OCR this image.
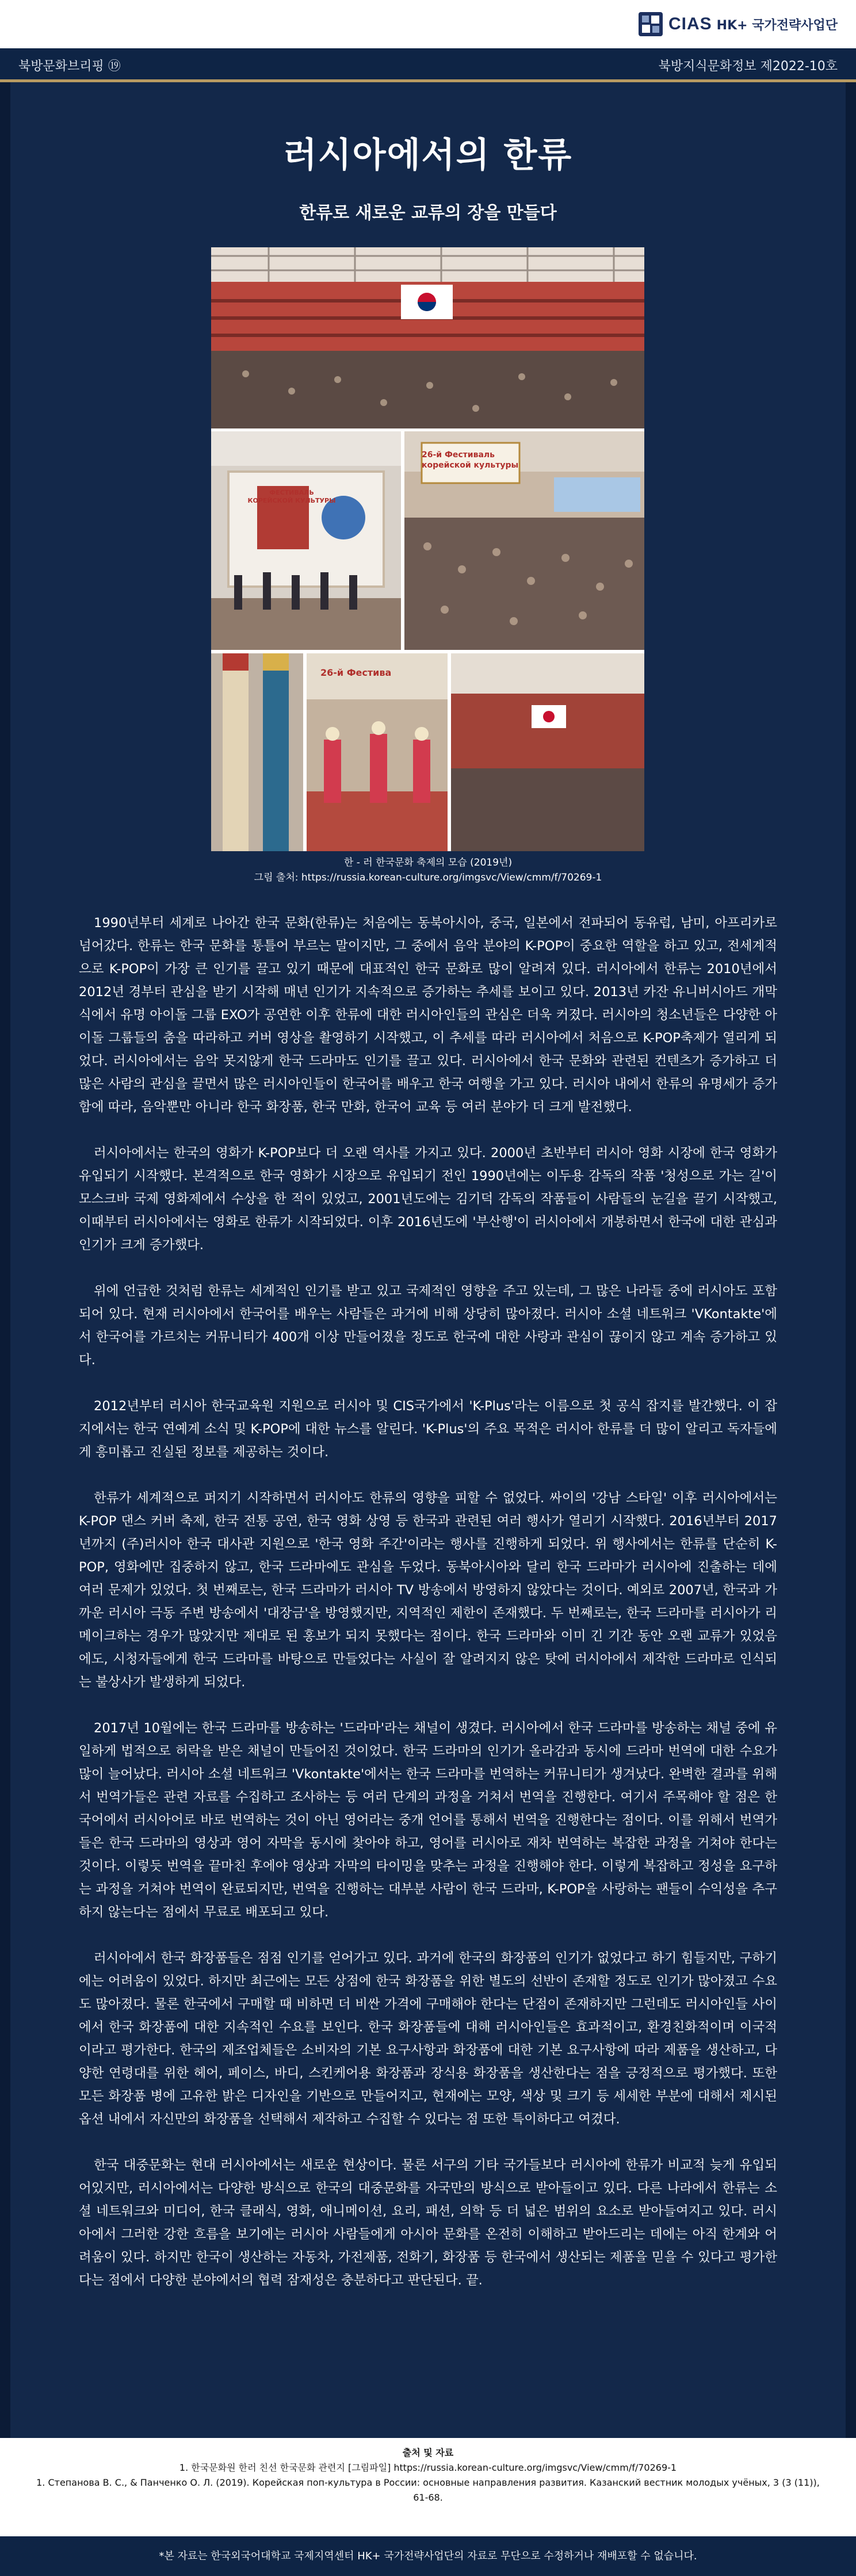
CIAS HK+ 국가전략사업단
북방문화브리핑 ⑲	북방지식문화정보 제2022-10호
러시아에서의 한류
한류로 새로운 교류의 장을 만들다
26-й Фестиваль корейской культуры
ФЕСТИВАЛЬ КОРЕЙСКОЙ КУЛЬТУРЫ
26-й Фестива
한 - 러 한국문화 축제의 모습 (2019년)
그림 출처: https://russia.korean-culture.org/imgsvc/View/cmm/f/70269-1

1990년부터 세계로 나아간 한국 문화(한류)는 처음에는 동북아시아, 중국, 일본에서 전파되어 동유럽, 남미, 아프리카로 넘어갔다. 한류는 한국 문화를 통틀어 부르는 말이지만, 그 중에서 음악 분야의 K-POP이 중요한 역할을 하고 있고, 전세계적으로 K-POP이 가장 큰 인기를 끌고 있기 때문에 대표적인 한국 문화로 많이 알려져 있다. 러시아에서 한류는 2010년에서 2012년 경부터 관심을 받기 시작해 매년 인기가 지속적으로 증가하는 추세를 보이고 있다. 2013년 카잔 유니버시아드 개막식에서 유명 아이돌 그룹 EXO가 공연한 이후 한류에 대한 러시아인들의 관심은 더욱 커졌다. 러시아의 청소년들은 다양한 아이돌 그룹들의 춤을 따라하고 커버 영상을 촬영하기 시작했고, 이 추세를 따라 러시아에서 처음으로 K-POP축제가 열리게 되었다. 러시아에서는 음악 못지않게 한국 드라마도 인기를 끌고 있다. 러시아에서 한국 문화와 관련된 컨텐츠가 증가하고 더 많은 사람의 관심을 끌면서 많은 러시아인들이 한국어를 배우고 한국 여행을 가고 있다. 러시아 내에서 한류의 유명세가 증가함에 따라, 음악뿐만 아니라 한국 화장품, 한국 만화, 한국어 교육 등 여러 분야가 더 크게 발전했다.

러시아에서는 한국의 영화가 K-POP보다 더 오랜 역사를 가지고 있다. 2000년 초반부터 러시아 영화 시장에 한국 영화가 유입되기 시작했다. 본격적으로 한국 영화가 시장으로 유입되기 전인 1990년에는 이두용 감독의 작품 '청성으로 가는 길'이 모스크바 국제 영화제에서 수상을 한 적이 있었고, 2001년도에는 김기덕 감독의 작품들이 사람들의 눈길을 끌기 시작했고, 이때부터 러시아에서는 영화로 한류가 시작되었다. 이후 2016년도에 '부산행'이 러시아에서 개봉하면서 한국에 대한 관심과 인기가 크게 증가했다.

위에 언급한 것처럼 한류는 세계적인 인기를 받고 있고 국제적인 영향을 주고 있는데, 그 많은 나라들 중에 러시아도 포함되어 있다. 현재 러시아에서 한국어를 배우는 사람들은 과거에 비해 상당히 많아졌다. 러시아 소셜 네트워크 'VKontakte'에서 한국어를 가르치는 커뮤니티가 400개 이상 만들어졌을 정도로 한국에 대한 사랑과 관심이 끊이지 않고 계속 증가하고 있다.

2012년부터 러시아 한국교육원 지원으로 러시아 및 CIS국가에서 'K-Plus'라는 이름으로 첫 공식 잡지를 발간했다. 이 잡지에서는 한국 연예계 소식 및 K-POP에 대한 뉴스를 알린다. 'K-Plus'의 주요 목적은 러시아 한류를 더 많이 알리고 독자들에게 흥미롭고 진실된 정보를 제공하는 것이다.

한류가 세계적으로 퍼지기 시작하면서 러시아도 한류의 영향을 피할 수 없었다. 싸이의 '강남 스타일' 이후 러시아에서는 K-POP 댄스 커버 축제, 한국 전통 공연, 한국 영화 상영 등 한국과 관련된 여러 행사가 열리기 시작했다. 2016년부터 2017년까지 (주)러시아 한국 대사관 지원으로 '한국 영화 주간'이라는 행사를 진행하게 되었다. 위 행사에서는 한류를 단순히 K-POP, 영화에만 집중하지 않고, 한국 드라마에도 관심을 두었다. 동북아시아와 달리 한국 드라마가 러시아에 진출하는 데에 여러 문제가 있었다. 첫 번째로는, 한국 드라마가 러시아 TV 방송에서 방영하지 않았다는 것이다. 예외로 2007년, 한국과 가까운 러시아 극동 주변 방송에서 '대장금'을 방영했지만, 지역적인 제한이 존재했다. 두 번째로는, 한국 드라마를 러시아가 리메이크하는 경우가 많았지만 제대로 된 홍보가 되지 못했다는 점이다. 한국 드라마와 이미 긴 기간 동안 오랜 교류가 있었음에도, 시청자들에게 한국 드라마를 바탕으로 만들었다는 사실이 잘 알려지지 않은 탓에 러시아에서 제작한 드라마로 인식되는 불상사가 발생하게 되었다.

2017년 10월에는 한국 드라마를 방송하는 '드라마'라는 채널이 생겼다. 러시아에서 한국 드라마를 방송하는 채널 중에 유일하게 법적으로 허락을 받은 채널이 만들어진 것이었다. 한국 드라마의 인기가 올라감과 동시에 드라마 번역에 대한 수요가 많이 늘어났다. 러시아 소셜 네트워크 'Vkontakte'에서는 한국 드라마를 번역하는 커뮤니티가 생겨났다. 완벽한 결과를 위해서 번역가들은 관련 자료를 수집하고 조사하는 등 여러 단계의 과정을 거쳐서 번역을 진행한다. 여기서 주목해야 할 점은 한국어에서 러시아어로 바로 번역하는 것이 아닌 영어라는 중개 언어를 통해서 번역을 진행한다는 점이다. 이를 위해서 번역가들은 한국 드라마의 영상과 영어 자막을 동시에 찾아야 하고, 영어를 러시아로 재차 번역하는 복잡한 과정을 거쳐야 한다는 것이다. 이렇듯 번역을 끝마친 후에야 영상과 자막의 타이밍을 맞추는 과정을 진행해야 한다. 이렇게 복잡하고 정성을 요구하는 과정을 거쳐야 번역이 완료되지만, 번역을 진행하는 대부분 사람이 한국 드라마, K-POP을 사랑하는 팬들이 수익성을 추구하지 않는다는 점에서 무료로 배포되고 있다.

러시아에서 한국 화장품들은 점점 인기를 얻어가고 있다. 과거에 한국의 화장품의 인기가 없었다고 하기 힘들지만, 구하기에는 어려움이 있었다. 하지만 최근에는 모든 상점에 한국 화장품을 위한 별도의 선반이 존재할 정도로 인기가 많아졌고 수요도 많아졌다. 물론 한국에서 구매할 때 비하면 더 비싼 가격에 구매해야 한다는 단점이 존재하지만 그런데도 러시아인들 사이에서 한국 화장품에 대한 지속적인 수요를 보인다. 한국 화장품들에 대해 러시아인들은 효과적이고, 환경친화적이며 이국적이라고 평가한다. 한국의 제조업체들은 소비자의 기본 요구사항과 화장품에 대한 기본 요구사항에 따라 제품을 생산하고, 다양한 연령대를 위한 헤어, 페이스, 바디, 스킨케어용 화장품과 장식용 화장품을 생산한다는 점을 긍정적으로 평가했다. 또한 모든 화장품 병에 고유한 밝은 디자인을 기반으로 만들어지고, 현재에는 모양, 색상 및 크기 등 세세한 부분에 대해서 제시된 옵션 내에서 자신만의 화장품을 선택해서 제작하고 수집할 수 있다는 점 또한 특이하다고 여겼다.

한국 대중문화는 현대 러시아에서는 새로운 현상이다. 물론 서구의 기타 국가들보다 러시아에 한류가 비교적 늦게 유입되어있지만, 러시아에서는 다양한 방식으로 한국의 대중문화를 자국만의 방식으로 받아들이고 있다. 다른 나라에서 한류는 소셜 네트워크와 미디어, 한국 클래식, 영화, 애니메이션, 요리, 패션, 의학 등 더 넓은 범위의 요소로 받아들여지고 있다. 러시아에서 그러한 강한 흐름을 보기에는 러시아 사람들에게 아시아 문화를 온전히 이해하고 받아드리는 데에는 아직 한계와 어려움이 있다. 하지만 한국이 생산하는 자동차, 가전제품, 전화기, 화장품 등 한국에서 생산되는 제품을 믿을 수 있다고 평가한다는 점에서 다양한 분야에서의 협력 잠재성은 충분하다고 판단된다. 끝.

출처 및 자료
1. 한국문화원 한러 친선 한국문화 관련지 [그림파일] https://russia.korean-culture.org/imgsvc/View/cmm/f/70269-1
1. Степанова В. С., & Панченко О. Л. (2019). Корейская поп-культура в России: основные направления развития. Казанский вестник молодых учёных, 3 (3 (11)),
61-68.
*본 자료는 한국외국어대학교 국제지역센터 HK+ 국가전략사업단의 자료로 무단으로 수정하거나 재배포할 수 없습니다.
